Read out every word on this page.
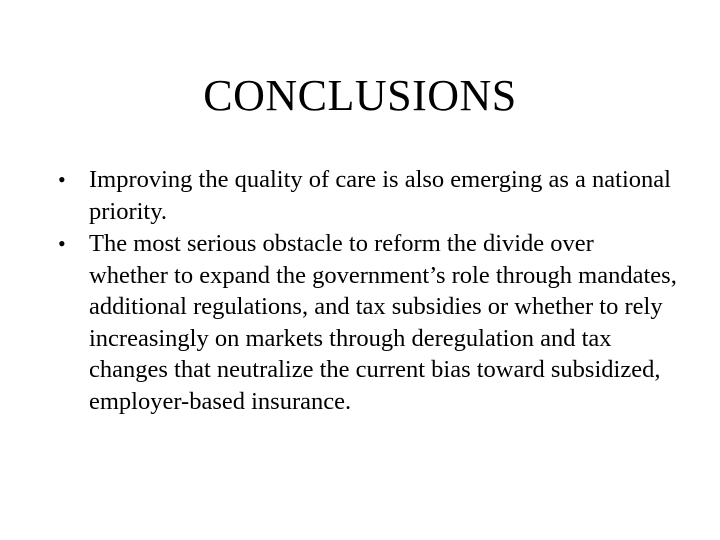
CONCLUSIONS
• Improving the quality of care is also emerging as a national priority.
• The most serious obstacle to reform the divide over whether to expand the government’s role through mandates, additional regulations, and tax subsidies or whether to rely increasingly on markets through deregulation and tax changes that neutralize the current bias toward subsidized, employer-based insurance.
